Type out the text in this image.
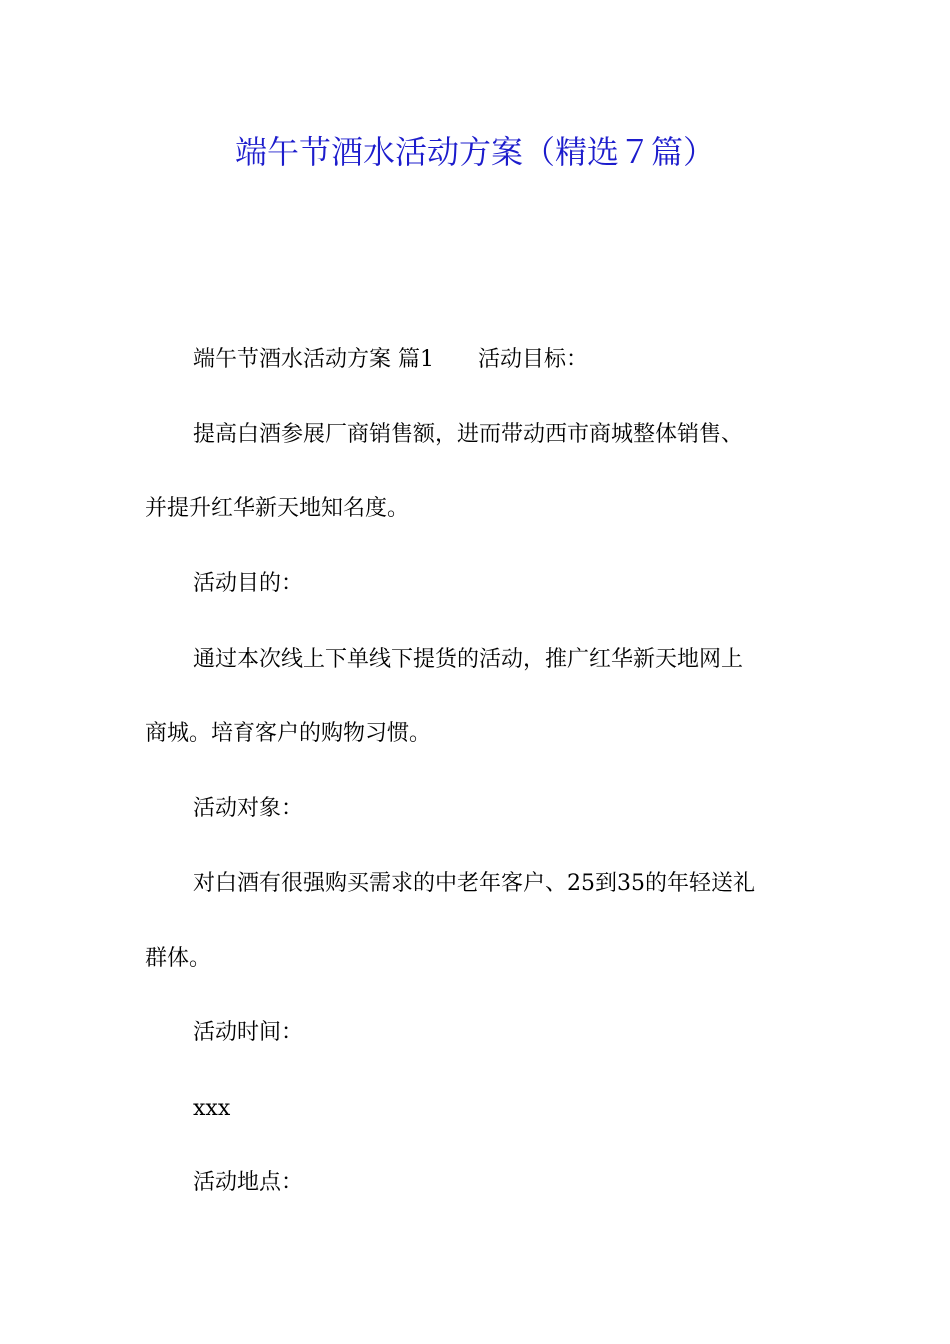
端午节酒水活动方案（精选７篇）
端午节酒水活动方案 篇1 活动目标：
提高白酒参展厂商销售额，进而带动西市商城整体销售、
并提升红华新天地知名度。
活动目的：
通过本次线上下单线下提货的活动，推广红华新天地网上
商城。培育客户的购物习惯。
活动对象：
对白酒有很强购买需求的中老年客户、25到35的年轻送礼
群体。
活动时间：
xxx
活动地点：
